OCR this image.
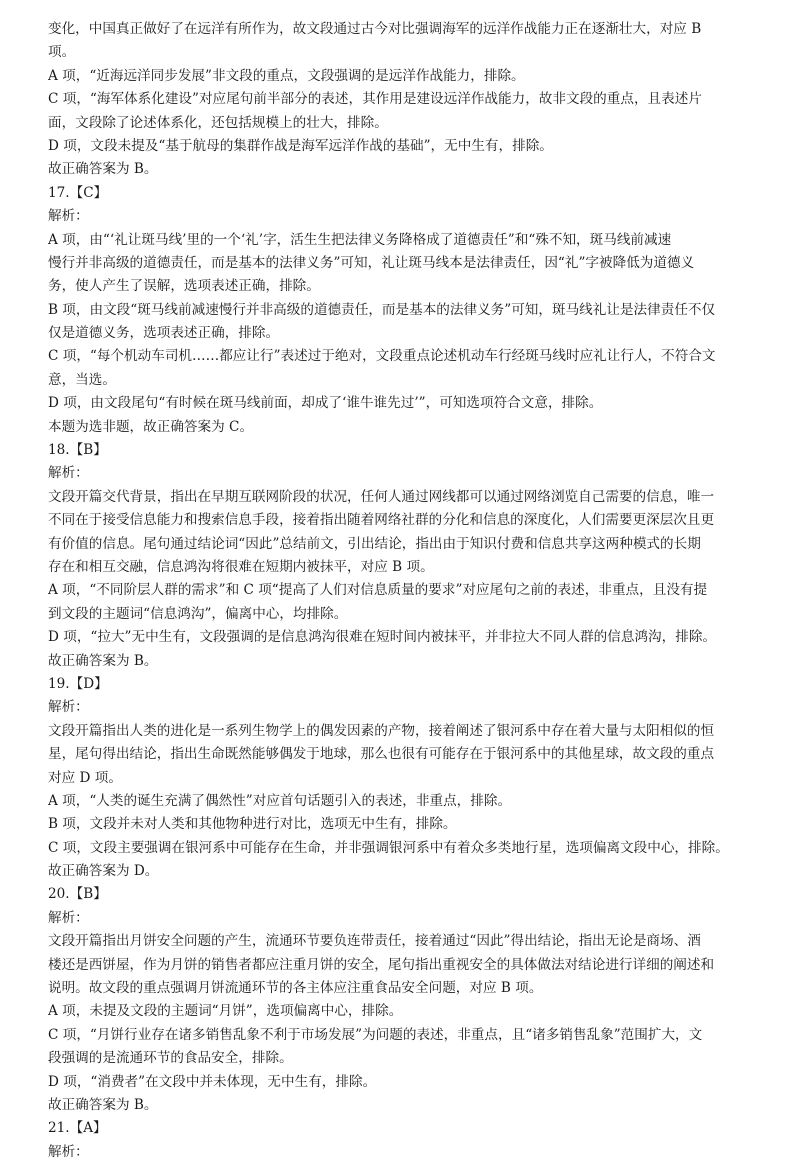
变化，中国真正做好了在远洋有所作为，故文段通过古今对比强调海军的远洋作战能力正在逐渐壮大，对应 B
项。
A 项，“近海远洋同步发展”非文段的重点，文段强调的是远洋作战能力，排除。
C 项，“海军体系化建设”对应尾句前半部分的表述，其作用是建设远洋作战能力，故非文段的重点，且表述片
面，文段除了论述体系化，还包括规模上的壮大，排除。
D 项，文段未提及“基于航母的集群作战是海军远洋作战的基础”，无中生有，排除。
故正确答案为 B。
17.【C】
解析：
A 项，由“‘礼让斑马线’里的一个‘礼’字，活生生把法律义务降格成了道德责任”和“殊不知，斑马线前减速
慢行并非高级的道德责任，而是基本的法律义务”可知，礼让斑马线本是法律责任，因“礼”字被降低为道德义
务，使人产生了误解，选项表述正确，排除。
B 项，由文段“斑马线前减速慢行并非高级的道德责任，而是基本的法律义务”可知，斑马线礼让是法律责任不仅
仅是道德义务，选项表述正确，排除。
C 项，“每个机动车司机……都应让行”表述过于绝对，文段重点论述机动车行经斑马线时应礼让行人，不符合文
意，当选。
D 项，由文段尾句“有时候在斑马线前面，却成了‘谁牛谁先过’”，可知选项符合文意，排除。
本题为选非题，故正确答案为 C。
18.【B】
解析：
文段开篇交代背景，指出在早期互联网阶段的状况，任何人通过网线都可以通过网络浏览自己需要的信息，唯一
不同在于接受信息能力和搜索信息手段，接着指出随着网络社群的分化和信息的深度化，人们需要更深层次且更
有价值的信息。尾句通过结论词“因此”总结前文，引出结论，指出由于知识付费和信息共享这两种模式的长期
存在和相互交融，信息鸿沟将很难在短期内被抹平，对应 B 项。
A 项，“不同阶层人群的需求”和 C 项“提高了人们对信息质量的要求”对应尾句之前的表述，非重点，且没有提
到文段的主题词“信息鸿沟”，偏离中心，均排除。
D 项，“拉大”无中生有，文段强调的是信息鸿沟很难在短时间内被抹平，并非拉大不同人群的信息鸿沟，排除。
故正确答案为 B。
19.【D】
解析：
文段开篇指出人类的进化是一系列生物学上的偶发因素的产物，接着阐述了银河系中存在着大量与太阳相似的恒
星，尾句得出结论，指出生命既然能够偶发于地球，那么也很有可能存在于银河系中的其他星球，故文段的重点
对应 D 项。
A 项，“人类的诞生充满了偶然性”对应首句话题引入的表述，非重点，排除。
B 项，文段并未对人类和其他物种进行对比，选项无中生有，排除。
C 项，文段主要强调在银河系中可能存在生命，并非强调银河系中有着众多类地行星，选项偏离文段中心，排除。
故正确答案为 D。
20.【B】
解析：
文段开篇指出月饼安全问题的产生，流通环节要负连带责任，接着通过“因此”得出结论，指出无论是商场、酒
楼还是西饼屋，作为月饼的销售者都应注重月饼的安全，尾句指出重视安全的具体做法对结论进行详细的阐述和
说明。故文段的重点强调月饼流通环节的各主体应注重食品安全问题，对应 B 项。
A 项，未提及文段的主题词“月饼”，选项偏离中心，排除。
C 项，“月饼行业存在诸多销售乱象不利于市场发展”为问题的表述，非重点，且“诸多销售乱象”范围扩大，文
段强调的是流通环节的食品安全，排除。
D 项，“消费者”在文段中并未体现，无中生有，排除。
故正确答案为 B。
21.【A】
解析：
